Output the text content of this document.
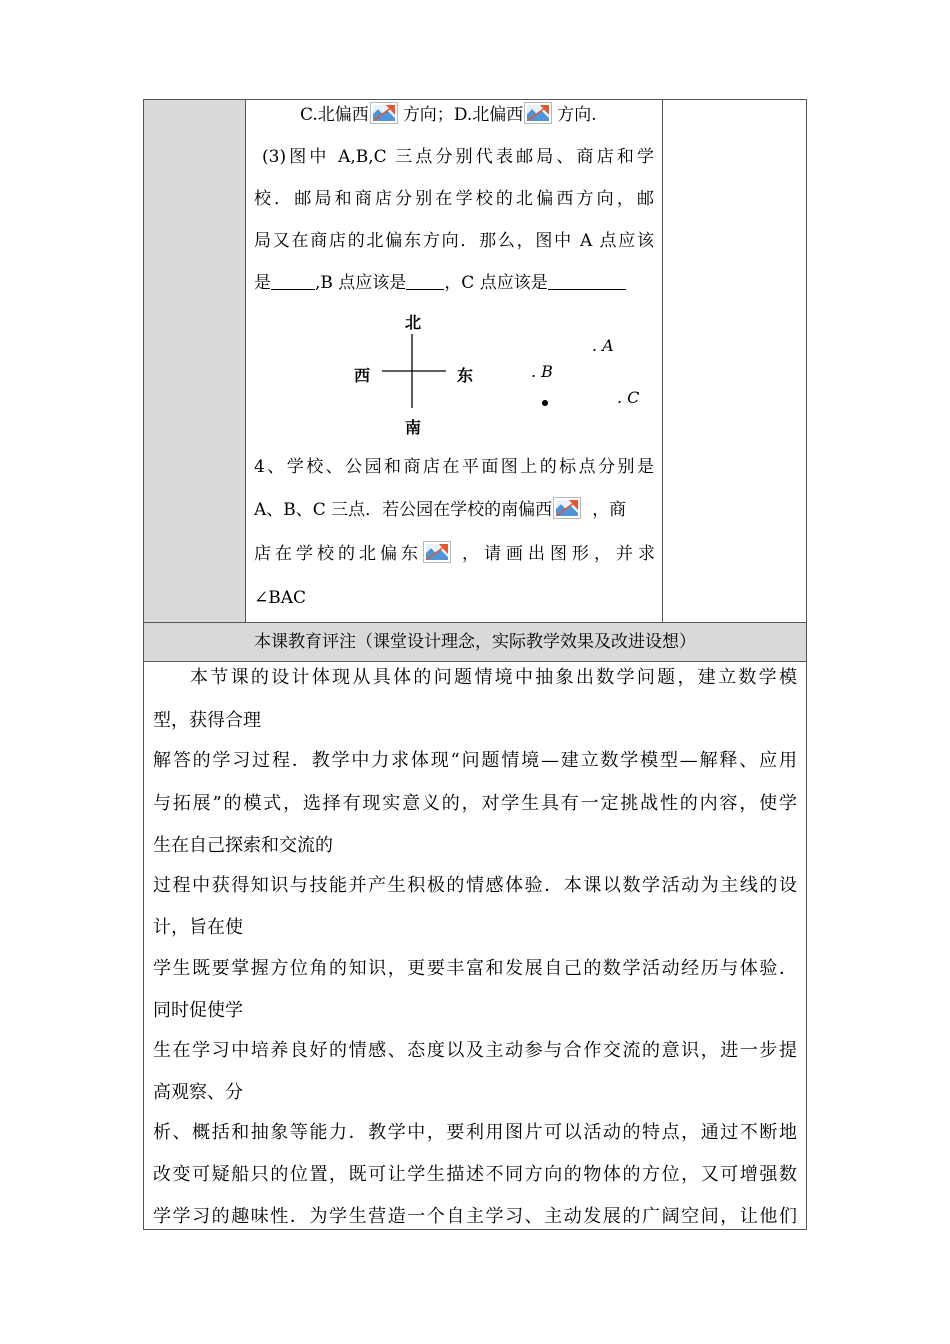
本课教育评注（课堂设计理念，实际教学效果及改进设想）
C.北偏西 方向；D.北偏西 方向.
(3)图中 A,B,C 三点分别代表邮局、商店和学
校．邮局和商店分别在学校的北偏西方向，邮
局又在商店的北偏东方向．那么，图中 A 点应该
是	,B 点应该是 ，C 点应该是
北
南
西	东
. A
. B
. C
4、学校、公园和商店在平面图上的标点分别是
A、B、C 三点．若公园在学校的南偏西 ，商
店在学校的北偏东 ，请画出图形，并求
∠BAC
本节课的设计体现从具体的问题情境中抽象出数学问题，建立数学模
型，获得合理
解答的学习过程．教学中力求体现“问题情境—建立数学模型—解释、应用
与拓展”的模式，选择有现实意义的，对学生具有一定挑战性的内容，使学
生在自己探索和交流的
过程中获得知识与技能并产生积极的情感体验．本课以数学活动为主线的设
计，旨在使
学生既要掌握方位角的知识，更要丰富和发展自己的数学活动经历与体验．
同时促使学
生在学习中培养良好的情感、态度以及主动参与合作交流的意识，进一步提
高观察、分
析、概括和抽象等能力．教学中，要利用图片可以活动的特点，通过不断地
改变可疑船只的位置，既可让学生描述不同方向的物体的方位，又可增强数
学学习的趣味性．为学生营造一个自主学习、主动发展的广阔空间，让他们
